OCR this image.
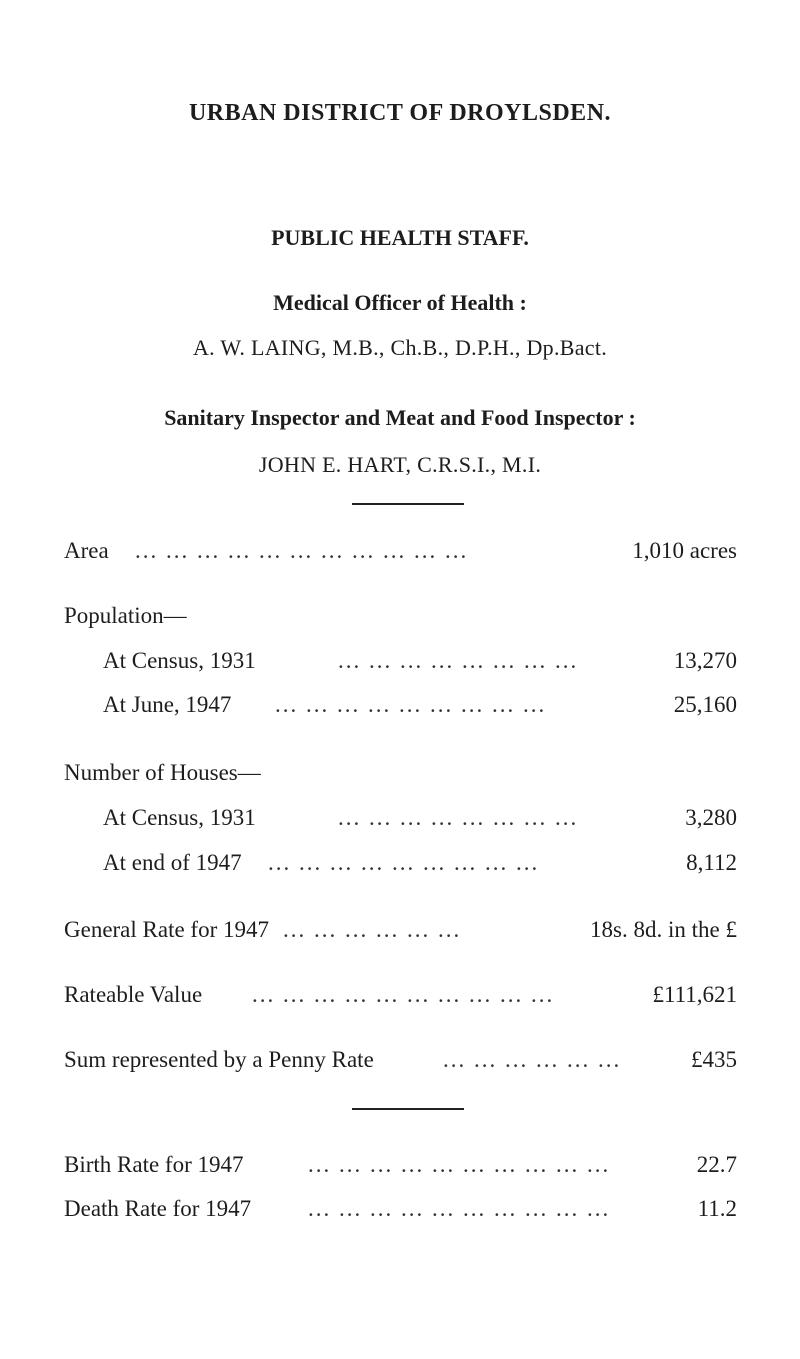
URBAN DISTRICT OF DROYLSDEN.
PUBLIC HEALTH STAFF.
Medical Officer of Health :
A. W. LAING, M.B., Ch.B., D.P.H., Dp.Bact.
Sanitary Inspector and Meat and Food Inspector :
JOHN E. HART, C.R.S.I., M.I.
Area ... ... ... ... ... ... ... ... ... ... ...	1,010 acres
Population—
At Census, 1931	... ... ... ... ... ... ... ...	13,270
At June, 1947 ... ... ... ... ... ... ... ... ...	25,160
Number of Houses—
At Census, 1931	... ... ... ... ... ... ... ...	3,280
At end of 1947 ... ... ... ... ... ... ... ... ...	8,112
General Rate for 1947 ... ... ... ... ... ...	18s. 8d. in the £
Rateable Value ... ... ... ... ... ... ... ... ... ...	£111,621
Sum represented by a Penny Rate	... ... ... ... ... ...	£435
Birth Rate for 1947	... ... ... ... ... ... ... ... ... ...	22.7
Death Rate for 1947 ... ... ... ... ... ... ... ... ... ...	11.2
